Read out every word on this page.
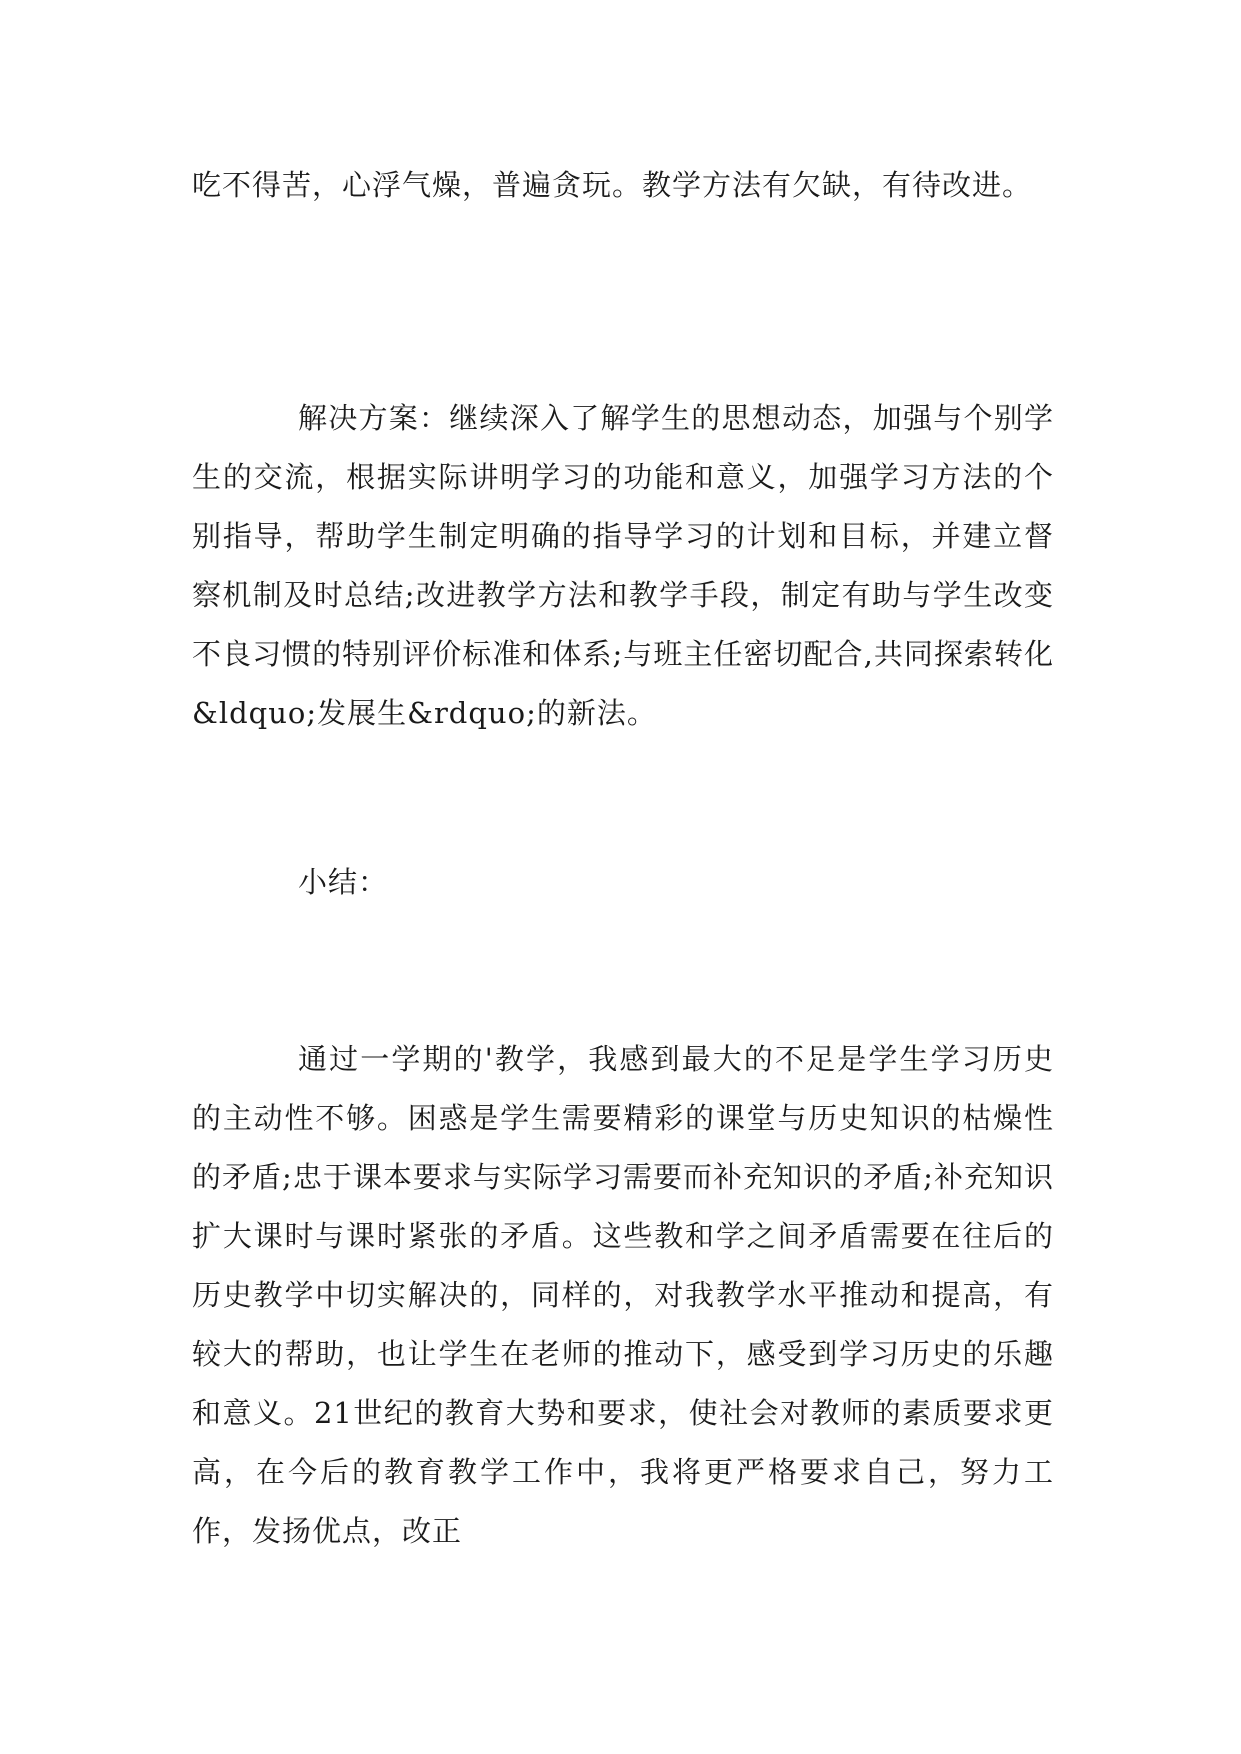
吃不得苦，心浮气燥，普遍贪玩。教学方法有欠缺，有待改进。

解决方案：继续深入了解学生的思想动态，加强与个别学生的交流，根据实际讲明学习的功能和意义，加强学习方法的个别指导，帮助学生制定明确的指导学习的计划和目标，并建立督察机制及时总结;改进教学方法和教学手段，制定有助与学生改变不良习惯的特别评价标准和体系;与班主任密切配合,共同探索转化&ldquo;发展生&rdquo;的新法。

小结：

通过一学期的'教学，我感到最大的不足是学生学习历史的主动性不够。困惑是学生需要精彩的课堂与历史知识的枯燥性的矛盾;忠于课本要求与实际学习需要而补充知识的矛盾;补充知识扩大课时与课时紧张的矛盾。这些教和学之间矛盾需要在往后的历史教学中切实解决的，同样的，对我教学水平推动和提高，有较大的帮助，也让学生在老师的推动下，感受到学习历史的乐趣和意义。21世纪的教育大势和要求，使社会对教师的素质要求更高，在今后的教育教学工作中，我将更严格要求自己，努力工作，发扬优点，改正
